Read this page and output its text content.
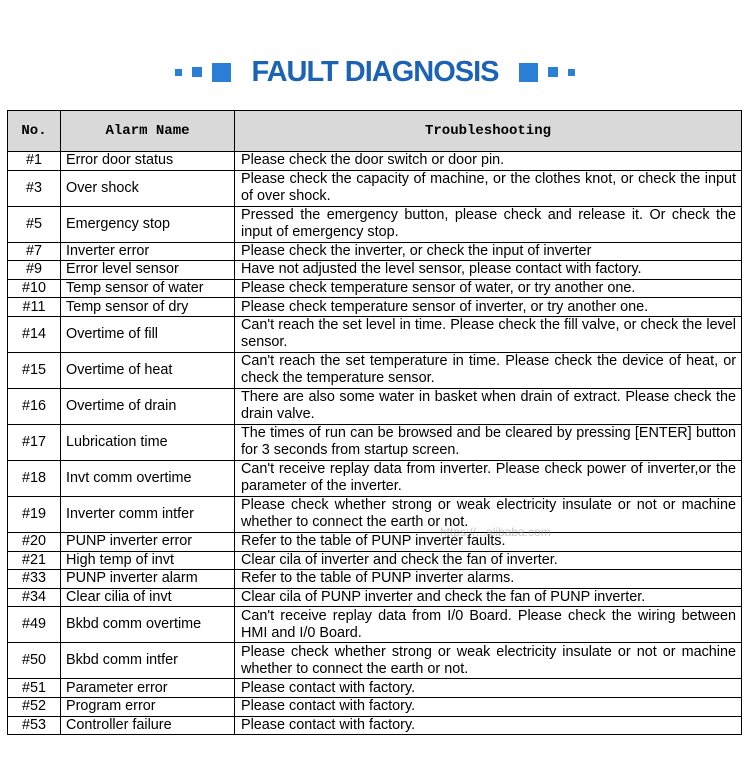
FAULT DIAGNOSIS
No.	Alarm Name	Troubleshooting
#1	Error door status	Please check the door switch or door pin.
#3	Over shock	Please check the capacity of machine, or the clothes knot, or check the input of over shock.
#5	Emergency stop	Pressed the emergency button, please check and release it. Or check the input of emergency stop.
#7	Inverter error	Please check the inverter, or check the input of inverter
#9	Error level sensor	Have not adjusted the level sensor, please contact with factory.
#10	Temp sensor of water	Please check temperature sensor of water, or try another one.
#11	Temp sensor of dry	Please check temperature sensor of inverter, or try another one.
#14	Overtime of fill	Can't reach the set level in time. Please check the fill valve, or check the level sensor.
#15	Overtime of heat	Can't reach the set temperature in time. Please check the device of heat, or check the temperature sensor.
#16	Overtime of drain	There are also some water in basket when drain of extract. Please check the drain valve.
#17	Lubrication time	The times of run can be browsed and be cleared by pressing [ENTER] button for 3 seconds from startup screen.
#18	Invt comm overtime	Can't receive replay data from inverter. Please check power of inverter,or the parameter of the inverter.
#19	Inverter comm intfer	Please check whether strong or weak electricity insulate or not or machine whether to connect the earth or not.
#20	PUNP inverter error	Refer to the table of PUNP inverter faults.
#21	High temp of invt	Clear cila of inverter and check the fan of inverter.
#33	PUNP inverter alarm	Refer to the table of PUNP inverter alarms.
#34	Clear cilia of invt	Clear cila of PUNP inverter and check the fan of PUNP inverter.
#49	Bkbd comm overtime	Can't receive replay data from I/0 Board. Please check the wiring between HMI and I/0 Board.
#50	Bkbd comm intfer	Please check whether strong or weak electricity insulate or not or machine whether to connect the earth or not.
#51	Parameter error	Please contact with factory.
#52	Program error	Please contact with factory.
#53	Controller failure	Please contact with factory.
https://...alibaba.com
